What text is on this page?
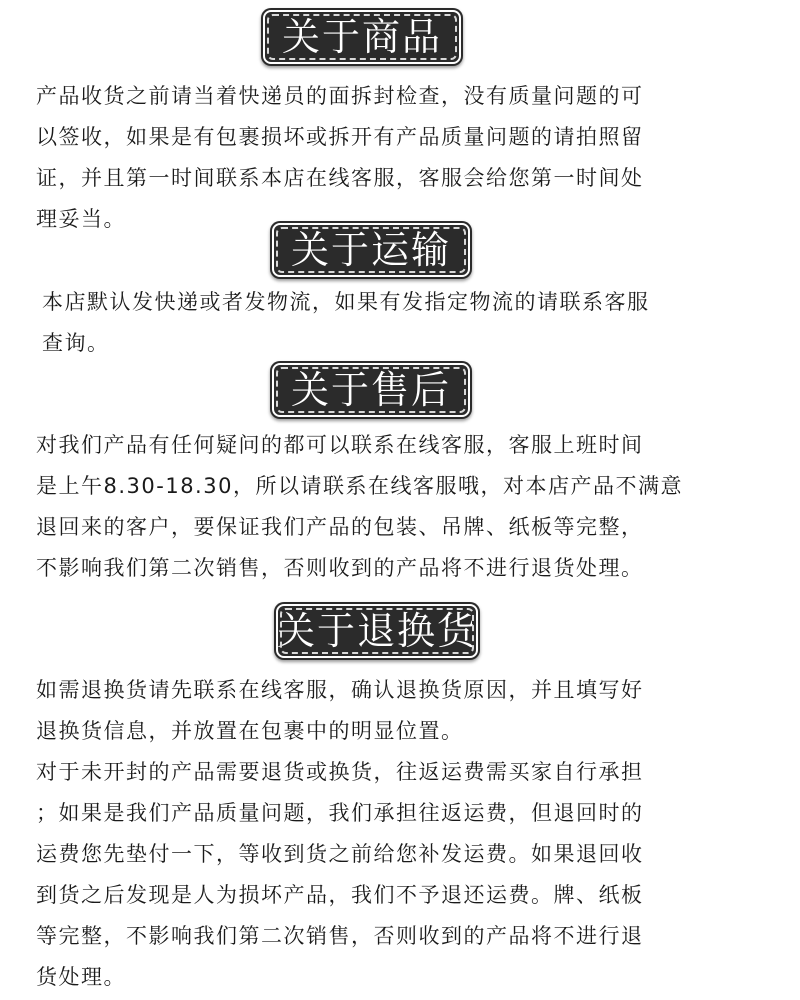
关于商品

产品收货之前请当着快递员的面拆封检查，没有质量问题的可
以签收，如果是有包裹损坏或拆开有产品质量问题的请拍照留
证，并且第一时间联系本店在线客服，客服会给您第一时间处
理妥当。

关于运输

本店默认发快递或者发物流，如果有发指定物流的请联系客服
查询。

关于售后

对我们产品有任何疑问的都可以联系在线客服，客服上班时间
是上午8.30-18.30，所以请联系在线客服哦，对本店产品不满意
退回来的客户，要保证我们产品的包装、吊牌、纸板等完整，
不影响我们第二次销售，否则收到的产品将不进行退货处理。

关于退换货

如需退换货请先联系在线客服，确认退换货原因，并且填写好
退换货信息，并放置在包裹中的明显位置。

对于未开封的产品需要退货或换货，往返运费需买家自行承担
；如果是我们产品质量问题，我们承担往返运费，但退回时的
运费您先垫付一下，等收到货之前给您补发运费。如果退回收
到货之后发现是人为损坏产品，我们不予退还运费。牌、纸板
等完整，不影响我们第二次销售，否则收到的产品将不进行退
货处理。
